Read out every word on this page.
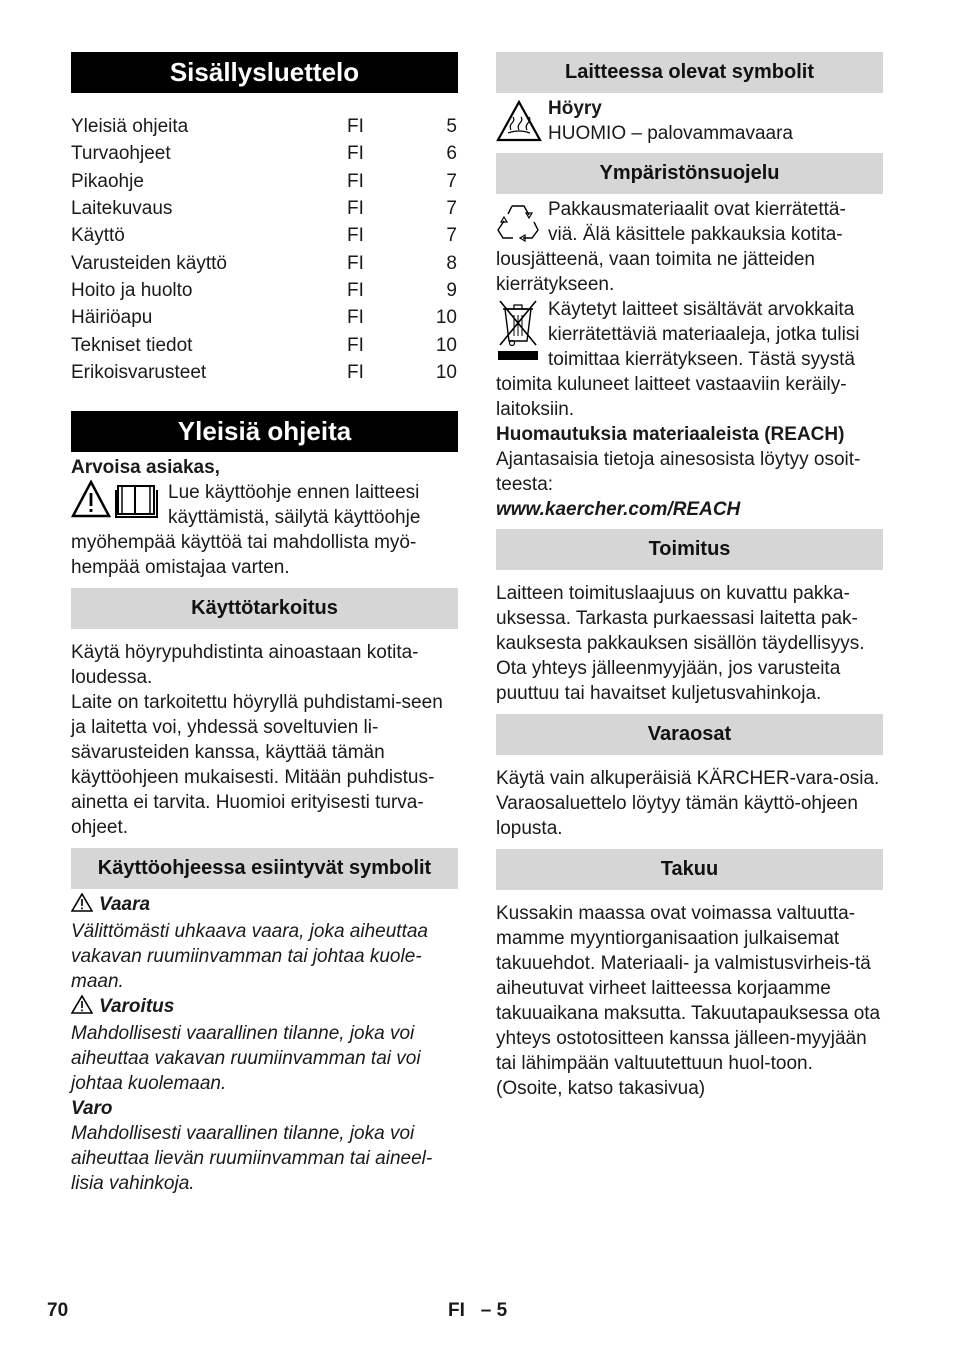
Sisällysluettelo
Yleisiä ohjeita	FI	5
Turvaohjeet	FI	6
Pikaohje	FI	7
Laitekuvaus	FI	7
Käyttö	FI	7
Varusteiden käyttö	FI	8
Hoito ja huolto	FI	9
Häiriöapu	FI	10
Tekniset tiedot	FI	10
Erikoisvarusteet	FI	10
Yleisiä ohjeita

Arvoisa asiakas,

Lue käyttöohje ennen laitteesi

käyttämistä, säilytä käyttöohje

myöhempää käyttöä tai mahdollista myö-hempää omistajaa varten.

Käyttötarkoitus

Käytä höyrypuhdistinta ainoastaan kotita-loudessa.

Laite on tarkoitettu höyryllä puhdistami-seen ja laitetta voi, yhdessä soveltuvien li-sävarusteiden kanssa, käyttää tämän käyttöohjeen mukaisesti. Mitään puhdistus-ainetta ei tarvita. Huomioi erityisesti turva-ohjeet.

Käyttöohjeessa esiintyvät symbolit

Vaara

Välittömästi uhkaava vaara, joka aiheuttaa vakavan ruumiinvamman tai johtaa kuole-maan.

Varoitus

Mahdollisesti vaarallinen tilanne, joka voi aiheuttaa vakavan ruumiinvamman tai voi johtaa kuolemaan.

Varo

Mahdollisesti vaarallinen tilanne, joka voi aiheuttaa lievän ruumiinvamman tai aineel-lisia vahinkoja.

Laitteessa olevat symbolit

Höyry

HUOMIO – palovammavaara

Ympäristönsuojelu

Pakkausmateriaalit ovat kierrätettä-

viä. Älä käsittele pakkauksia kotita-

lousjätteenä, vaan toimita ne jätteiden kierrätykseen.

Käytetyt laitteet sisältävät arvokkaita

kierrätettäviä materiaaleja, jotka tulisi

toimittaa kierrätykseen. Tästä syystä

toimita kuluneet laitteet vastaaviin keräily-laitoksiin.

Huomautuksia materiaaleista (REACH)

Ajantasaisia tietoja ainesosista löytyy osoit-teesta:

www.kaercher.com/REACH

Toimitus

Laitteen toimituslaajuus on kuvattu pakka-uksessa. Tarkasta purkaessasi laitetta pak-kauksesta pakkauksen sisällön täydellisyys.

Ota yhteys jälleenmyyjään, jos varusteita puuttuu tai havaitset kuljetusvahinkoja.

Varaosat

Käytä vain alkuperäisiä KÄRCHER-vara-osia. Varaosaluettelo löytyy tämän käyttö-ohjeen lopusta.

Takuu

Kussakin maassa ovat voimassa valtuutta-mamme myyntiorganisaation julkaisemat takuuehdot. Materiaali- ja valmistusvirheis-tä aiheutuvat virheet laitteessa korjaamme takuuaikana maksutta. Takuutapauksessa ota yhteys ostotositteen kanssa jälleen-myyjään tai lähimpään valtuutettuun huol-toon.

(Osoite, katso takasivua)

70	FI   – 5
